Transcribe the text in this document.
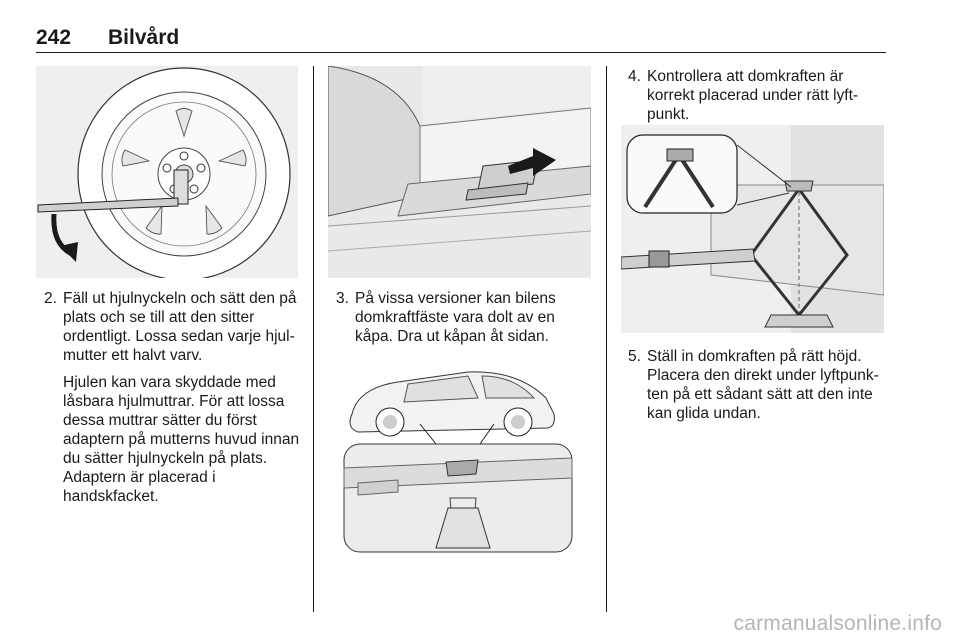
242 Bilvård
2. Fäll ut hjulnyckeln och sätt den på plats och se till att den sitter ordentligt. Lossa sedan varje hjul-mutter ett halvt varv.

Hjulen kan vara skyddade med låsbara hjulmuttrar. För att lossa dessa muttrar sätter du först adaptern på mutterns huvud innan du sätter hjulnyckeln på plats. Adaptern är placerad i handskfacket.

3. På vissa versioner kan bilens domkraftfäste vara dolt av en kåpa. Dra ut kåpan åt sidan.

4. Kontrollera att domkraften är korrekt placerad under rätt lyft-punkt.

5. Ställ in domkraften på rätt höjd. Placera den direkt under lyftpunk-ten på ett sådant sätt att den inte kan glida undan.

carmanualsonline.info
